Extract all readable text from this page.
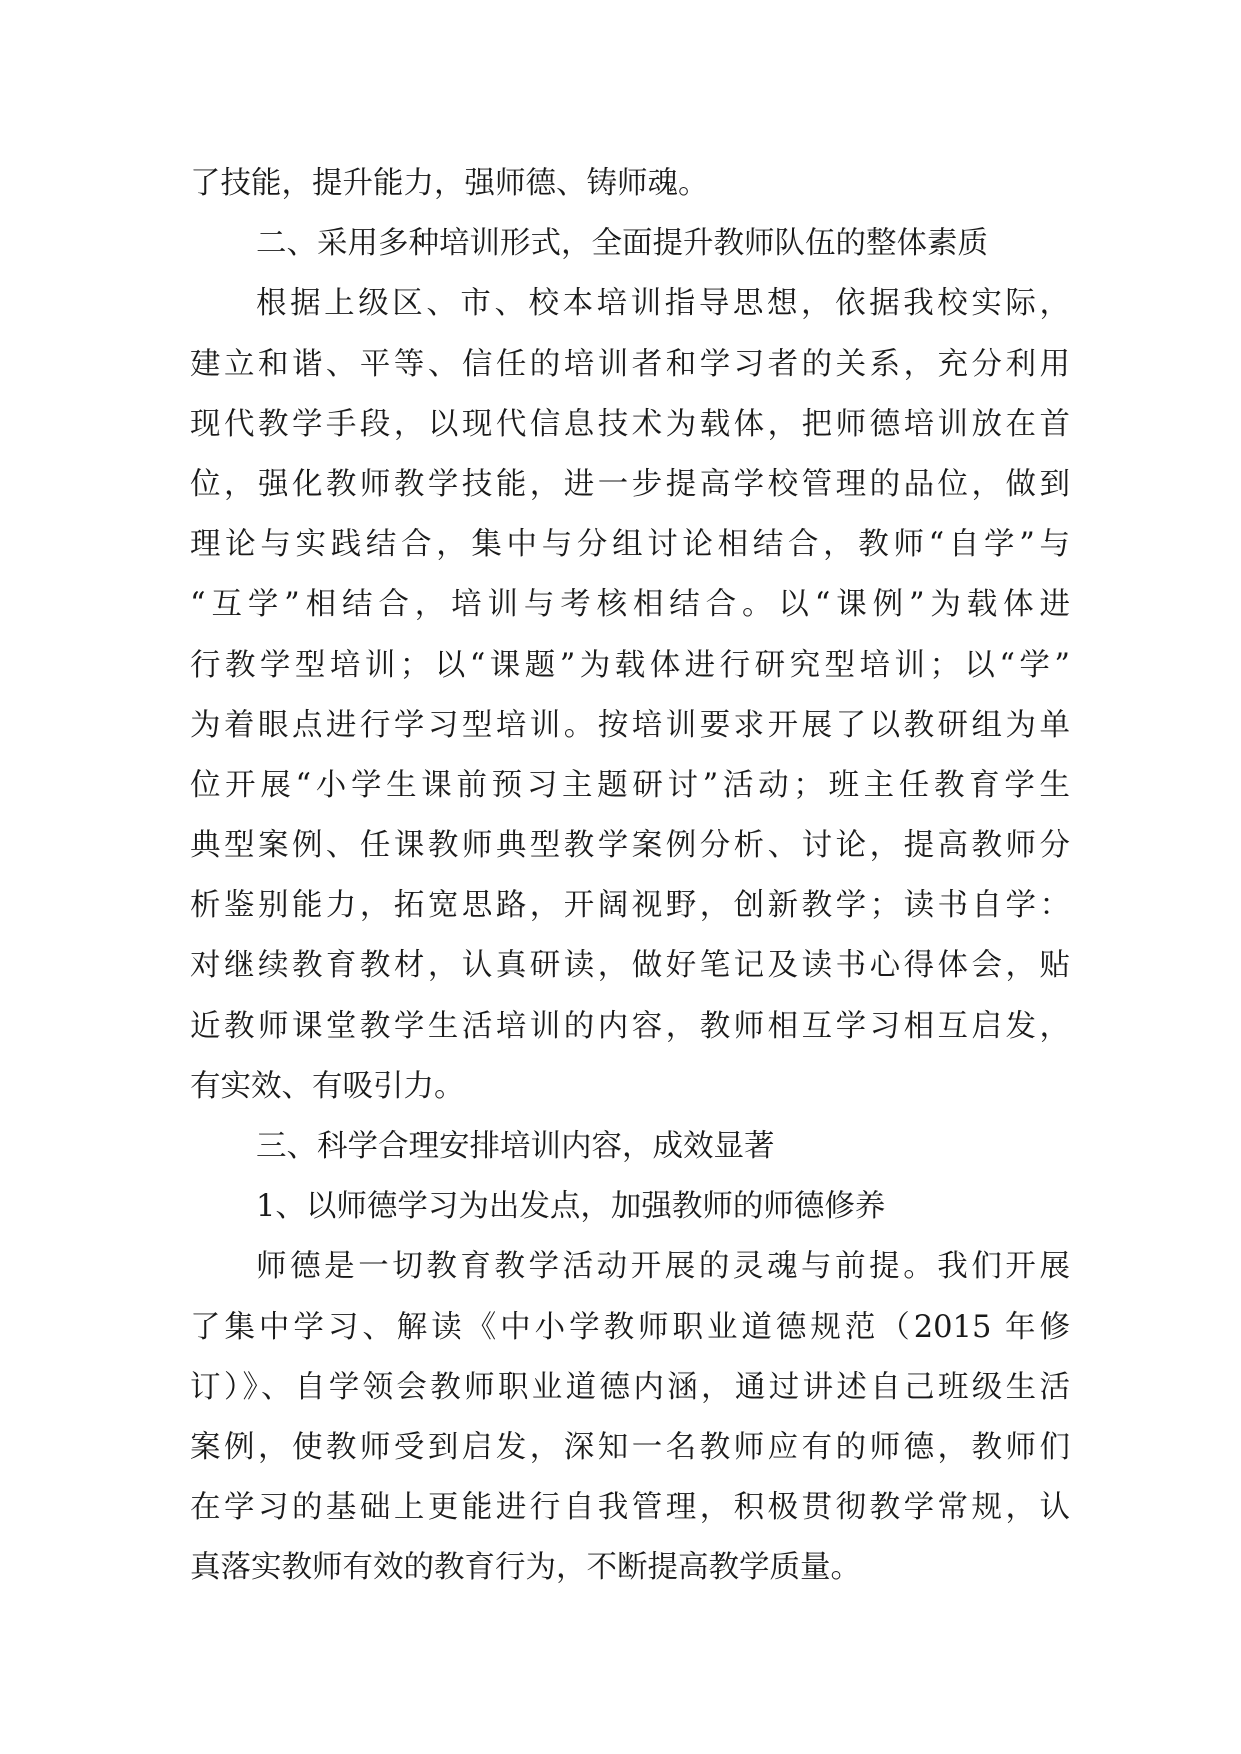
了技能，提升能力，强师德、铸师魂。
二、采用多种培训形式，全面提升教师队伍的整体素质
根据上级区、市、校本培训指导思想，依据我校实际，
建立和谐、平等、信任的培训者和学习者的关系，充分利用
现代教学手段，以现代信息技术为载体，把师德培训放在首
位，强化教师教学技能，进一步提高学校管理的品位，做到
理论与实践结合，集中与分组讨论相结合，教师“自学”与
“互学”相结合，培训与考核相结合。以“课例”为载体进
行教学型培训；以“课题”为载体进行研究型培训；以“学”
为着眼点进行学习型培训。按培训要求开展了以教研组为单
位开展“小学生课前预习主题研讨”活动；班主任教育学生
典型案例、任课教师典型教学案例分析、讨论，提高教师分
析鉴别能力，拓宽思路，开阔视野，创新教学；读书自学：
对继续教育教材，认真研读，做好笔记及读书心得体会，贴
近教师课堂教学生活培训的内容，教师相互学习相互启发，
有实效、有吸引力。
三、科学合理安排培训内容，成效显著
1、以师德学习为出发点，加强教师的师德修养
师德是一切教育教学活动开展的灵魂与前提。我们开展
了集中学习、解读《中小学教师职业道德规范（2015 年修
订）》、自学领会教师职业道德内涵，通过讲述自己班级生活
案例，使教师受到启发，深知一名教师应有的师德，教师们
在学习的基础上更能进行自我管理，积极贯彻教学常规，认
真落实教师有效的教育行为，不断提高教学质量。
